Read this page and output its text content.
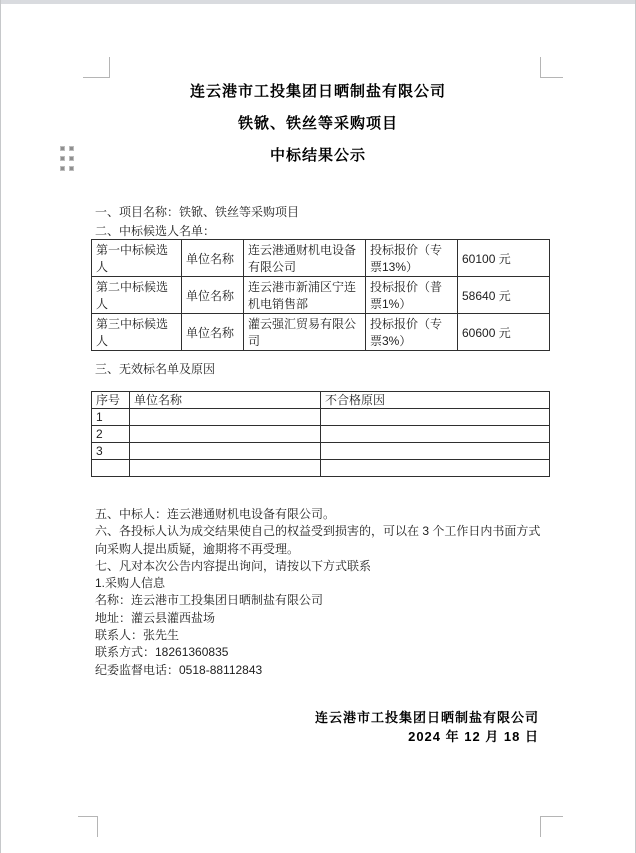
连云港市工投集团日晒制盐有限公司
铁锨、铁丝等采购项目
中标结果公示
一、项目名称：铁锨、铁丝等采购项目
二、中标候选人名单：
第一中标候选人	单位名称	连云港通财机电设备有限公司	投标报价（专票13%）	60100 元
第二中标候选人	单位名称	连云港市新浦区宁连机电销售部	投标报价（普票1%）	58640 元
第三中标候选人	单位名称	灌云强汇贸易有限公司	投标报价（专票3%）	60600 元
三、无效标名单及原因
序号	单位名称	不合格原因
1		
2		
3		

五、中标人：连云港通财机电设备有限公司。
六、各投标人认为成交结果使自己的权益受到损害的，可以在 3 个工作日内书面方式向采购人提出质疑，逾期将不再受理。
七、凡对本次公告内容提出询问，请按以下方式联系
1.采购人信息
名称：连云港市工投集团日晒制盐有限公司
地址：灌云县灌西盐场
联系人：张先生
联系方式：18261360835
纪委监督电话：0518-88112843
连云港市工投集团日晒制盐有限公司
2024 年 12 月 18 日
